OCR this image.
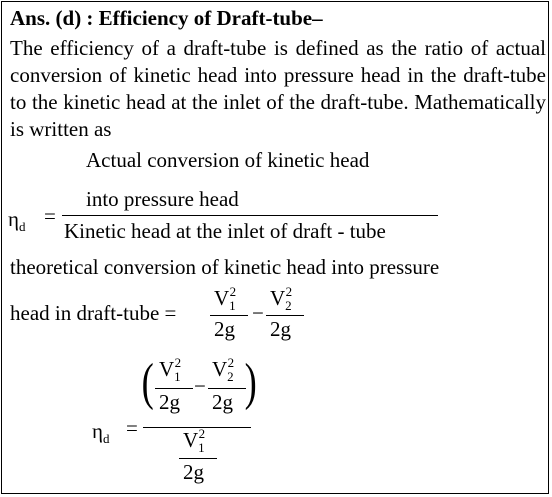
Ans. (d) : Efficiency of Draft-tube–
The efficiency of a draft-tube is defined as the ratio of actual conversion of kinetic head into pressure head in the draft-tube to the kinetic head at the inlet of the draft-tube. Mathematically is written as
$\eta_d$ =
Actual conversion of kinetic head
into pressure head
Kinetic head at the inlet of draft - tube
theoretical conversion of kinetic head into pressure
head in draft-tube =
$V_1^2$
2g
−
$V_2^2$
2g
$\eta_d$ =
( $V_1^2$
2g
−
$V_2^2$
2g )
$V_1^2$
2g
